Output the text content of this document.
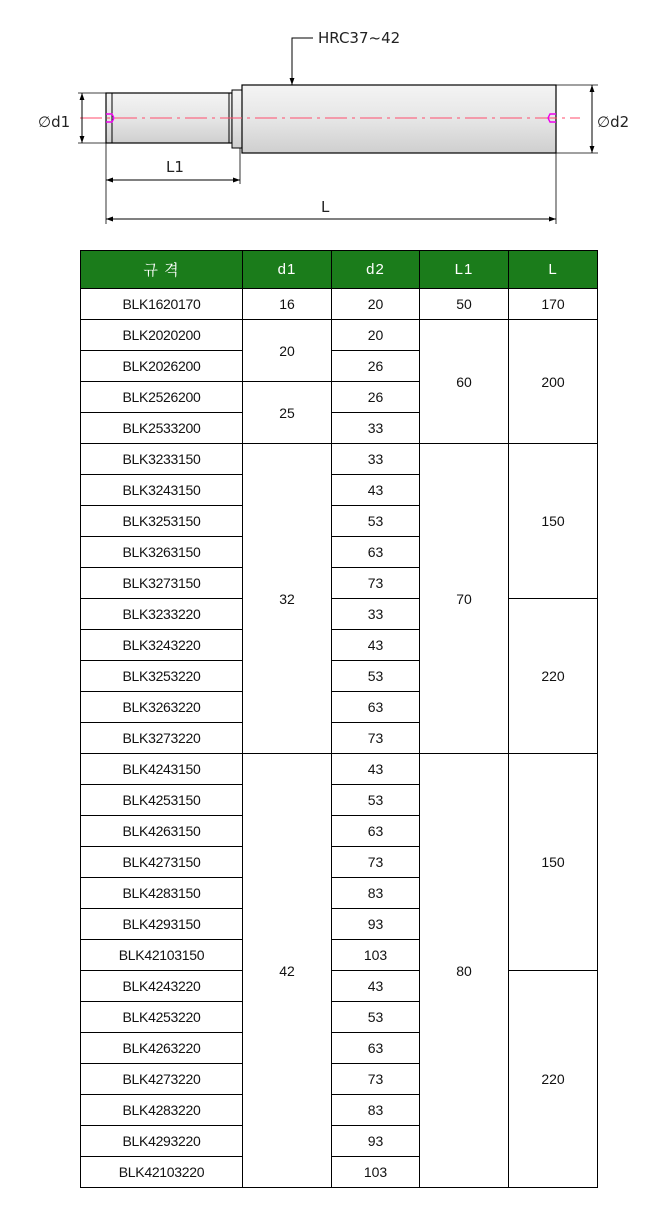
∅d1	∅d2
HRC37~42
L1
L
규 격	d1	d2	L1	L
BLK1620170	16	20	50	170
BLK2020200	20	20	60	200
BLK2026200		26		
BLK2526200	25	26		
BLK2533200		33		
BLK3233150	32	33	70	150
BLK3243150		43		
BLK3253150		53		
BLK3263150		63		
BLK3273150		73		
BLK3233220		33		220
BLK3243220		43		
BLK3253220		53		
BLK3263220		63		
BLK3273220		73		
BLK4243150	42	43	80	150
BLK4253150		53		
BLK4263150		63		
BLK4273150		73		
BLK4283150		83		
BLK4293150		93		
BLK42103150		103		
BLK4243220		43		220
BLK4253220		53		
BLK4263220		63		
BLK4273220		73		
BLK4283220		83		
BLK4293220		93		
BLK42103220		103		
